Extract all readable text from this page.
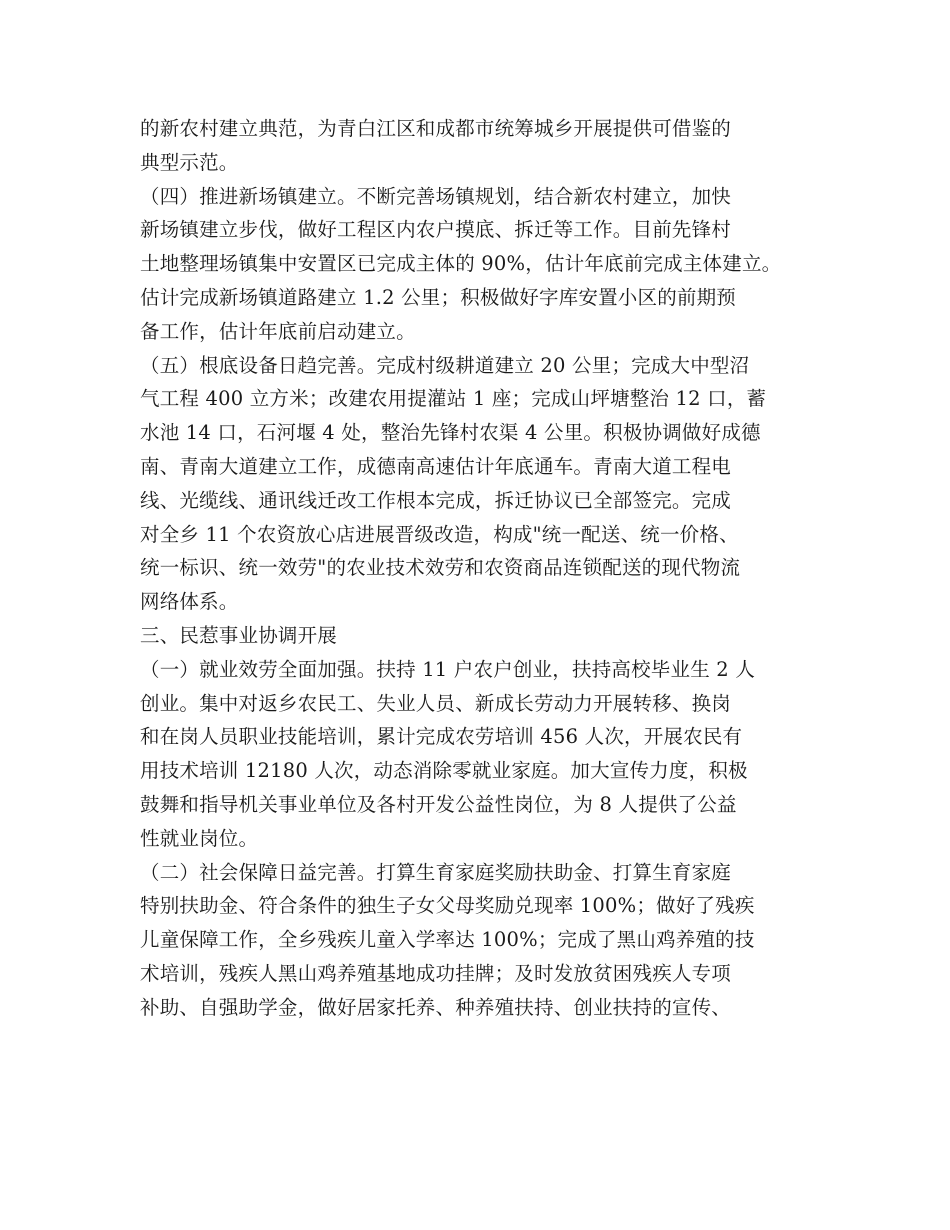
的新农村建立典范，为青白江区和成都市统筹城乡开展提供可借鉴的
典型示范。
（四）推进新场镇建立。不断完善场镇规划，结合新农村建立，加快
新场镇建立步伐，做好工程区内农户摸底、拆迁等工作。目前先锋村
土地整理场镇集中安置区已完成主体的 90%，估计年底前完成主体建立。
估计完成新场镇道路建立 1.2 公里；积极做好字库安置小区的前期预
备工作，估计年底前启动建立。
（五）根底设备日趋完善。完成村级耕道建立 20 公里；完成大中型沼
气工程 400 立方米；改建农用提灌站 1 座；完成山坪塘整治 12 口，蓄
水池 14 口，石河堰 4 处，整治先锋村农渠 4 公里。积极协调做好成德
南、青南大道建立工作，成德南高速估计年底通车。青南大道工程电
线、光缆线、通讯线迁改工作根本完成，拆迁协议已全部签完。完成
对全乡 11 个农资放心店进展晋级改造，构成"统一配送、统一价格、
统一标识、统一效劳"的农业技术效劳和农资商品连锁配送的现代物流
网络体系。
三、民惹事业协调开展
（一）就业效劳全面加强。扶持 11 户农户创业，扶持高校毕业生 2 人
创业。集中对返乡农民工、失业人员、新成长劳动力开展转移、换岗
和在岗人员职业技能培训，累计完成农劳培训 456 人次，开展农民有
用技术培训 12180 人次，动态消除零就业家庭。加大宣传力度，积极
鼓舞和指导机关事业单位及各村开发公益性岗位，为 8 人提供了公益
性就业岗位。
（二）社会保障日益完善。打算生育家庭奖励扶助金、打算生育家庭
特别扶助金、符合条件的独生子女父母奖励兑现率 100%；做好了残疾
儿童保障工作，全乡残疾儿童入学率达 100%；完成了黑山鸡养殖的技
术培训，残疾人黑山鸡养殖基地成功挂牌；及时发放贫困残疾人专项
补助、自强助学金，做好居家托养、种养殖扶持、创业扶持的宣传、
